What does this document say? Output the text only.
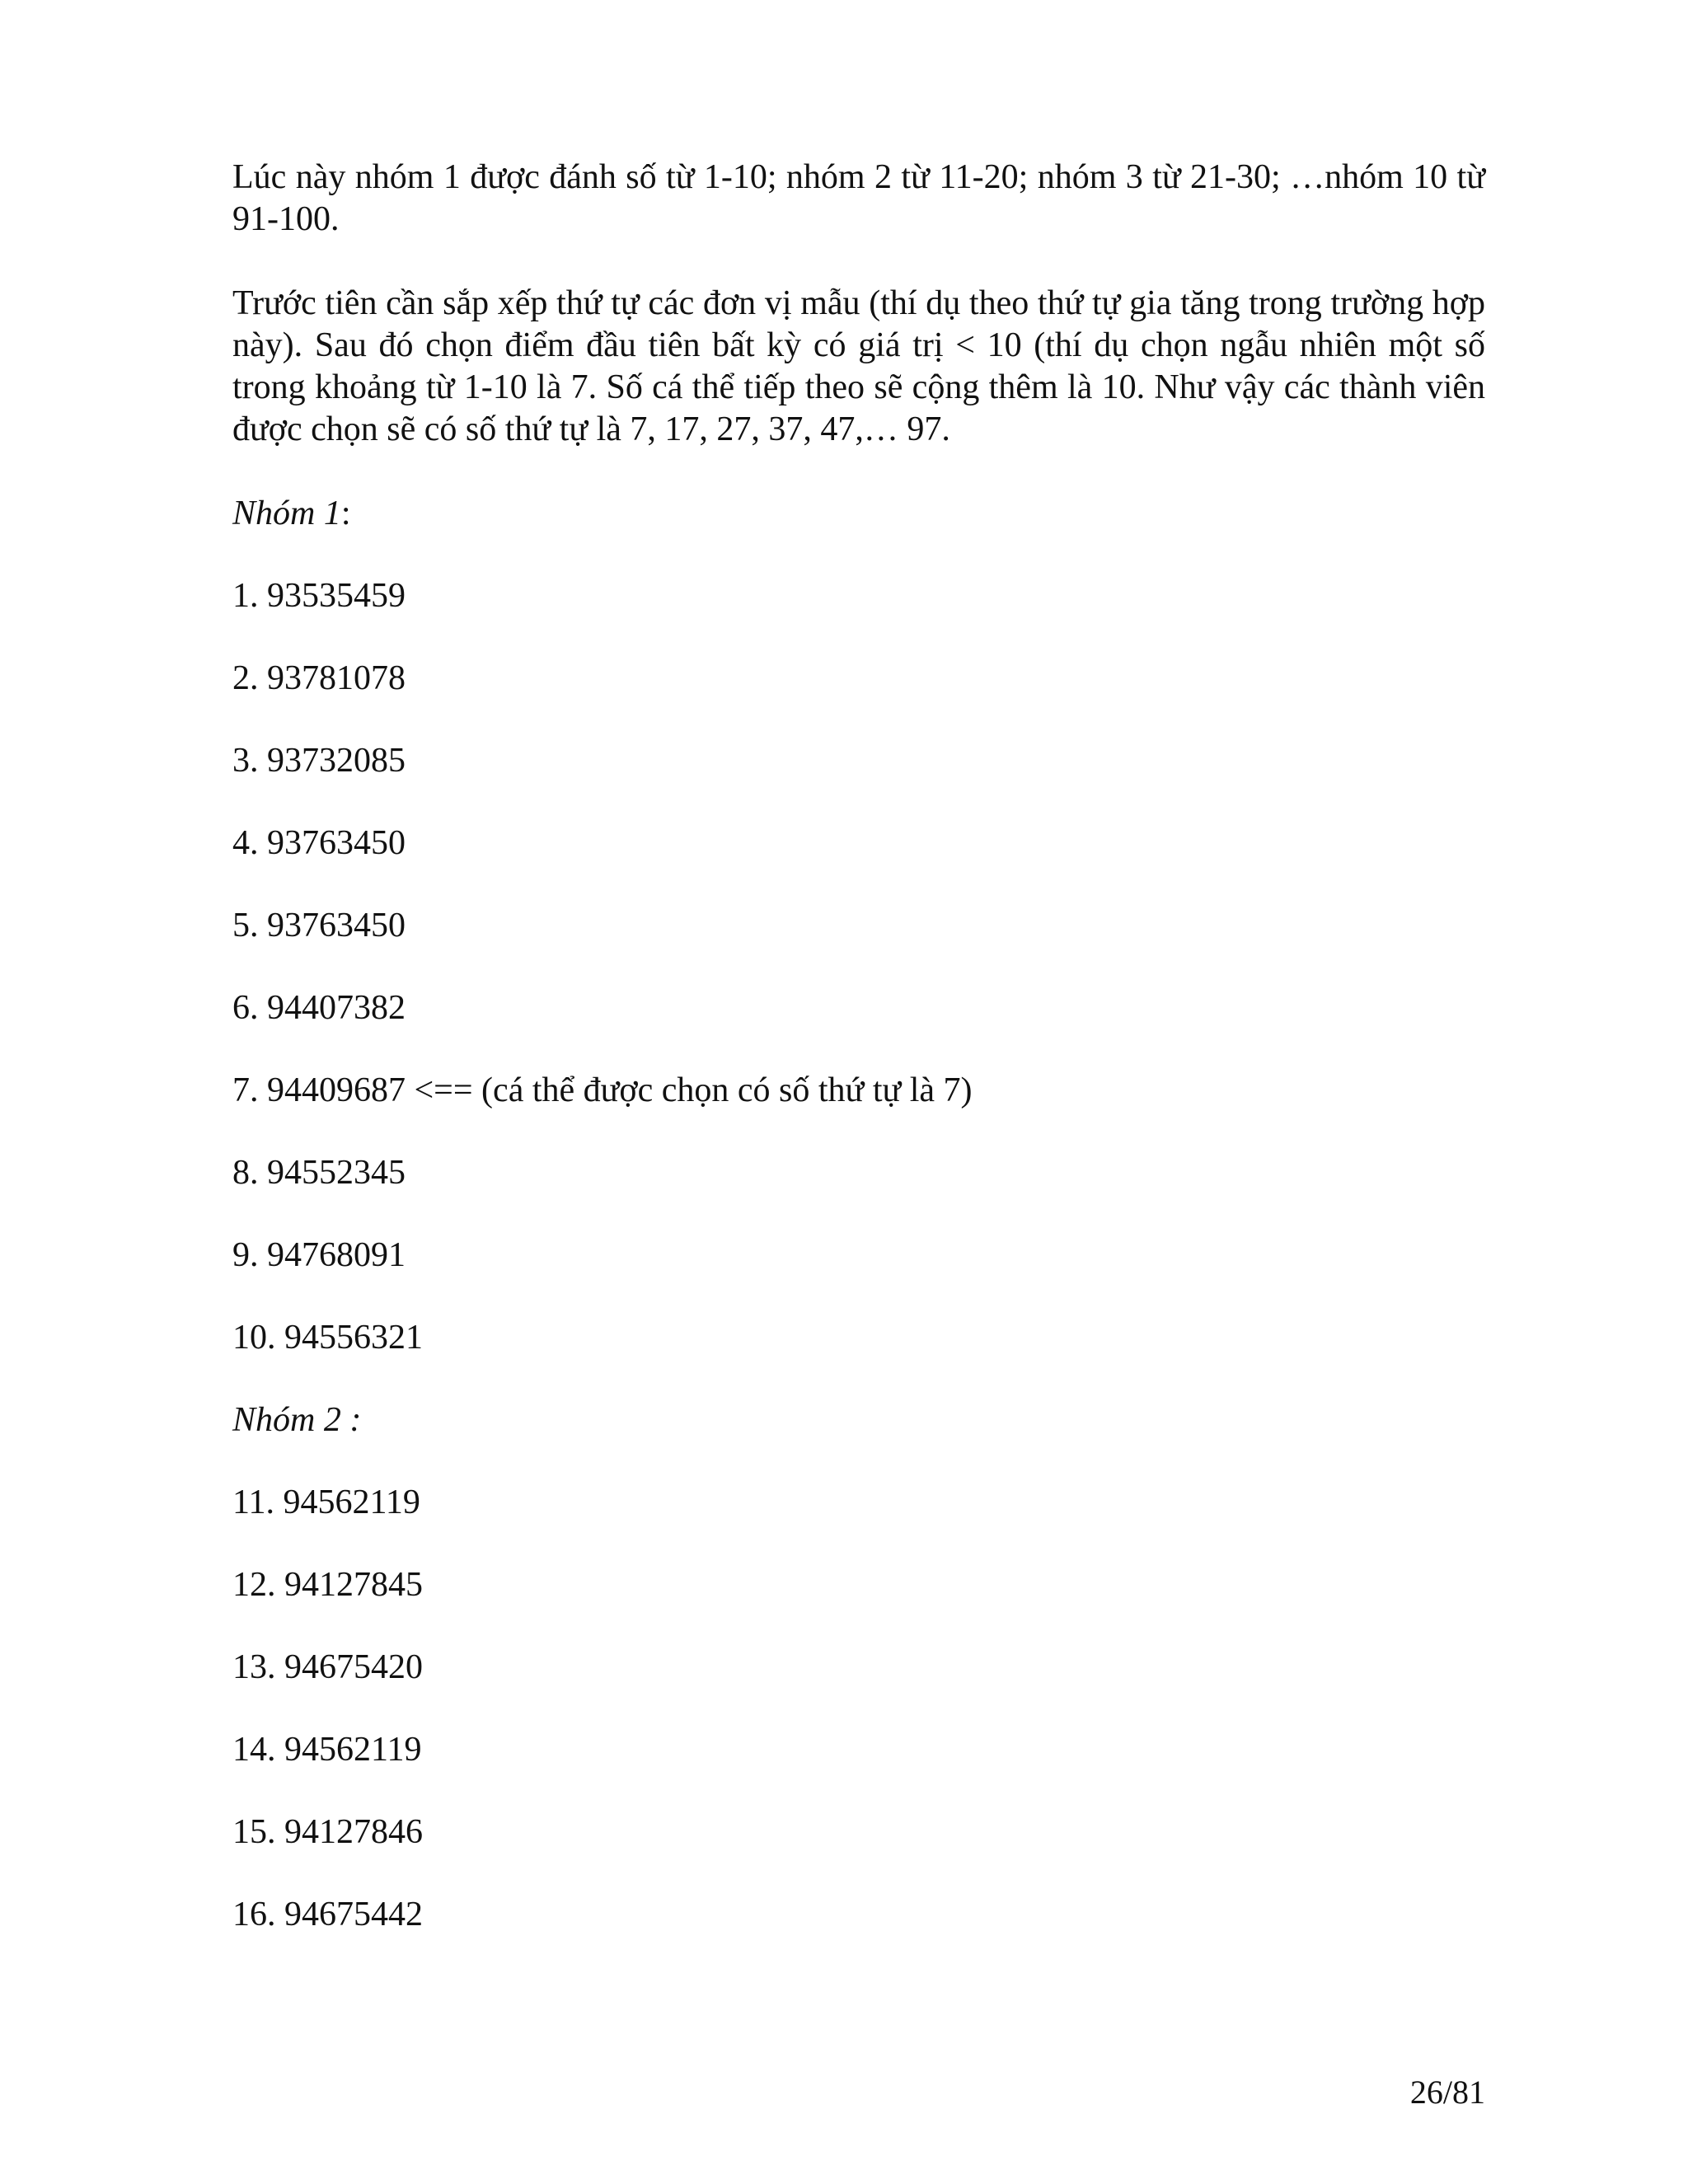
Lúc này nhóm 1 được đánh số từ 1-10; nhóm 2 từ 11-20; nhóm 3 từ 21-30; …nhóm 10 từ 91-100.

Trước tiên cần sắp xếp thứ tự các đơn vị mẫu (thí dụ theo thứ tự gia tăng trong trường hợp này). Sau đó chọn điểm đầu tiên bất kỳ có giá trị < 10 (thí dụ chọn ngẫu nhiên một số trong khoảng từ 1-10 là 7. Số cá thể tiếp theo sẽ cộng thêm là 10. Như vậy các thành viên được chọn sẽ có số thứ tự là 7, 17, 27, 37, 47,… 97.

Nhóm 1 :
1. 93535459
2. 93781078
3. 93732085
4. 93763450
5. 93763450
6. 94407382
7. 94409687 <== (cá thể được chọn có số thứ tự là 7)
8. 94552345
9. 94768091
10. 94556321
Nhóm 2 :
11. 94562119
12. 94127845
13. 94675420
14. 94562119
15. 94127846
16. 94675442
26/81
